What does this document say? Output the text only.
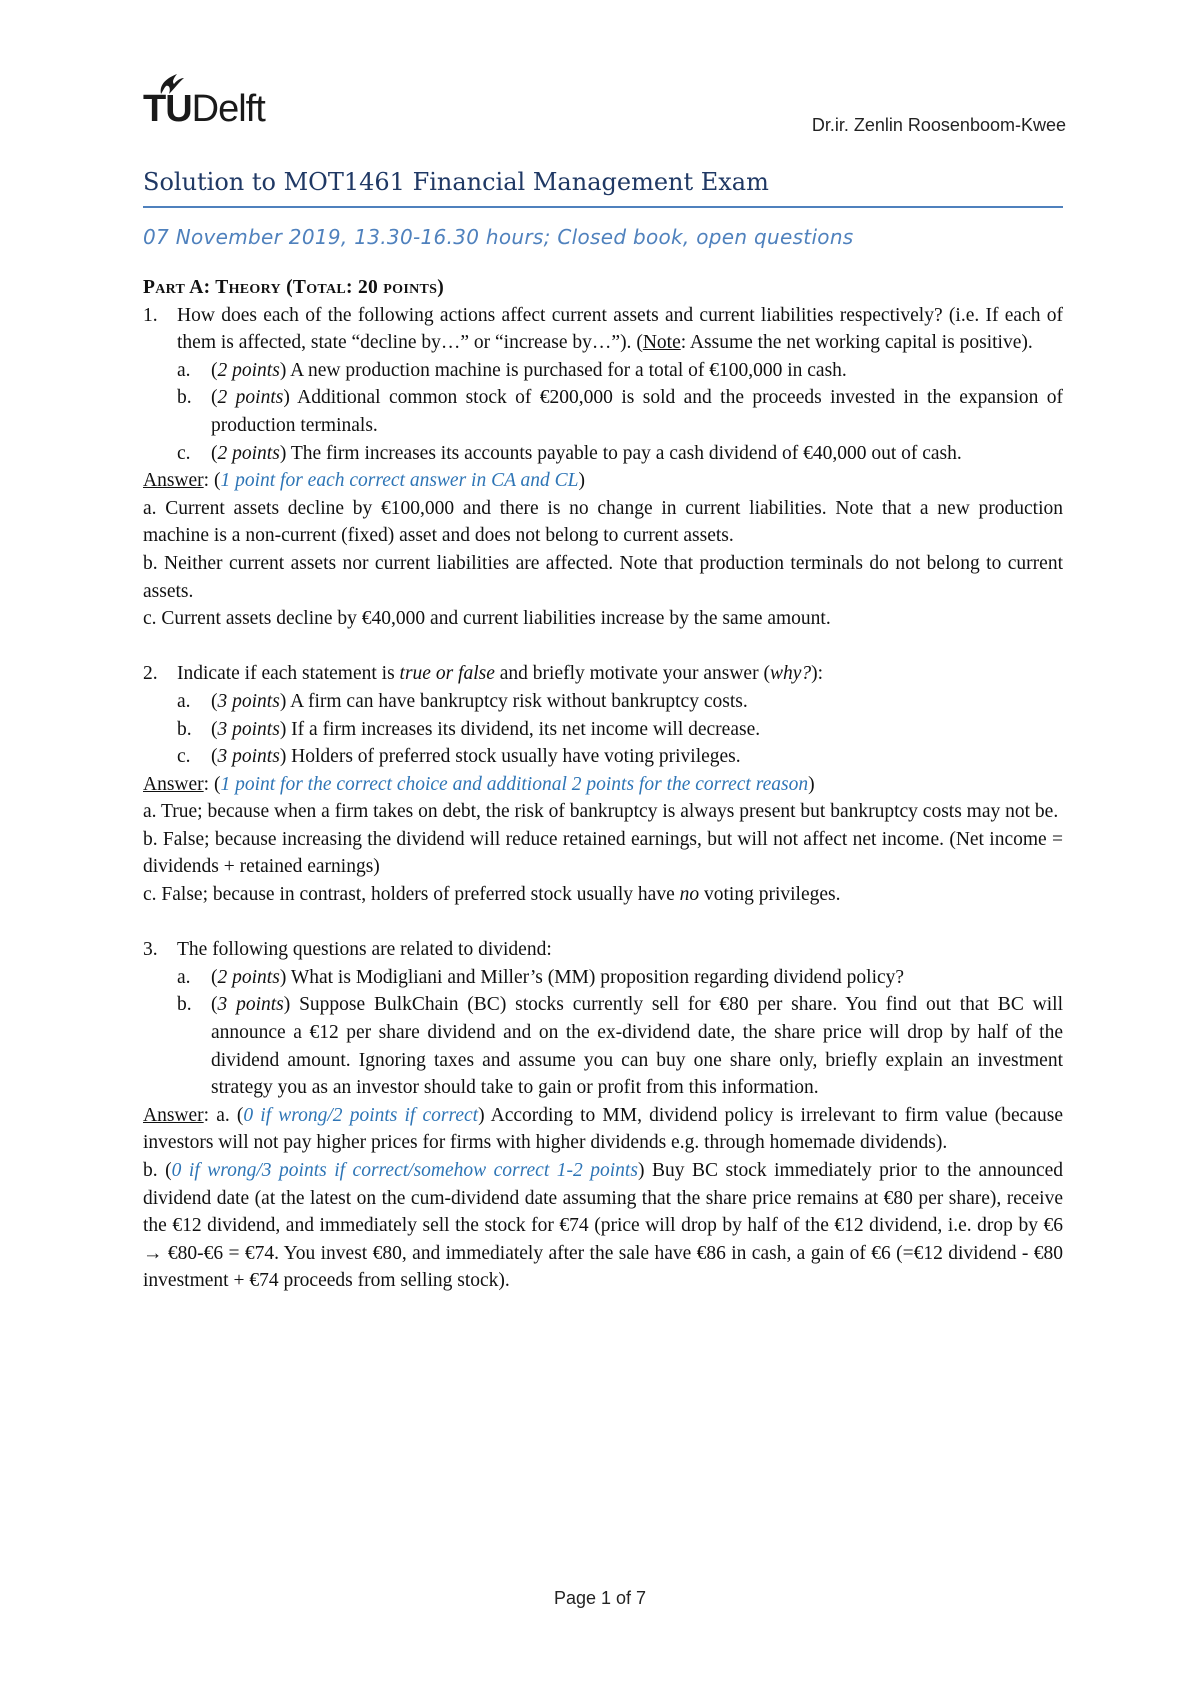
TUDelft	Dr.ir. Zenlin Roosenboom-Kwee
Solution to MOT1461 Financial Management Exam
07 November 2019, 13.30-16.30 hours; Closed book, open questions

Part A: Theory (Total: 20 points)

1. How does each of the following actions affect current assets and current liabilities respectively? (i.e. If each of them is affected, state “decline by…” or “increase by…”). (Note: Assume the net working capital is positive).
a.	(2 points) A new production machine is purchased for a total of €100,000 in cash.
b. (2 points) Additional common stock of €200,000 is sold and the proceeds invested in the expansion of production terminals.
c.	(2 points) The firm increases its accounts payable to pay a cash dividend of €40,000 out of cash.

Answer: (1 point for each correct answer in CA and CL)

a. Current assets decline by €100,000 and there is no change in current liabilities. Note that a new production machine is a non-current (fixed) asset and does not belong to current assets.

b. Neither current assets nor current liabilities are affected. Note that production terminals do not belong to current assets.

c. Current assets decline by €40,000 and current liabilities increase by the same amount.

2. Indicate if each statement is true or false and briefly motivate your answer (why?):
a.	(3 points) A firm can have bankruptcy risk without bankruptcy costs.
b. (3 points) If a firm increases its dividend, its net income will decrease.
c.	(3 points) Holders of preferred stock usually have voting privileges.

Answer: (1 point for the correct choice and additional 2 points for the correct reason)

a. True; because when a firm takes on debt, the risk of bankruptcy is always present but bankruptcy costs may not be.

b. False; because increasing the dividend will reduce retained earnings, but will not affect net income. (Net income = dividends + retained earnings)

c. False; because in contrast, holders of preferred stock usually have no voting privileges.

3. The following questions are related to dividend:
a.	(2 points) What is Modigliani and Miller’s (MM) proposition regarding dividend policy?
b. (3 points) Suppose BulkChain (BC) stocks currently sell for €80 per share. You find out that BC will announce a €12 per share dividend and on the ex-dividend date, the share price will drop by half of the dividend amount. Ignoring taxes and assume you can buy one share only, briefly explain an investment strategy you as an investor should take to gain or profit from this information.

Answer: a. (0 if wrong/2 points if correct) According to MM, dividend policy is irrelevant to firm value (because investors will not pay higher prices for firms with higher dividends e.g. through homemade dividends).

b. (0 if wrong/3 points if correct/somehow correct 1-2 points) Buy BC stock immediately prior to the announced dividend date (at the latest on the cum-dividend date assuming that the share price remains at €80 per share), receive the €12 dividend, and immediately sell the stock for €74 (price will drop by half of the €12 dividend, i.e. drop by €6 → €80-€6 = €74. You invest €80, and immediately after the sale have €86 in cash, a gain of €6 (=€12 dividend - €80 investment + €74 proceeds from selling stock).

Page 1 of 7
